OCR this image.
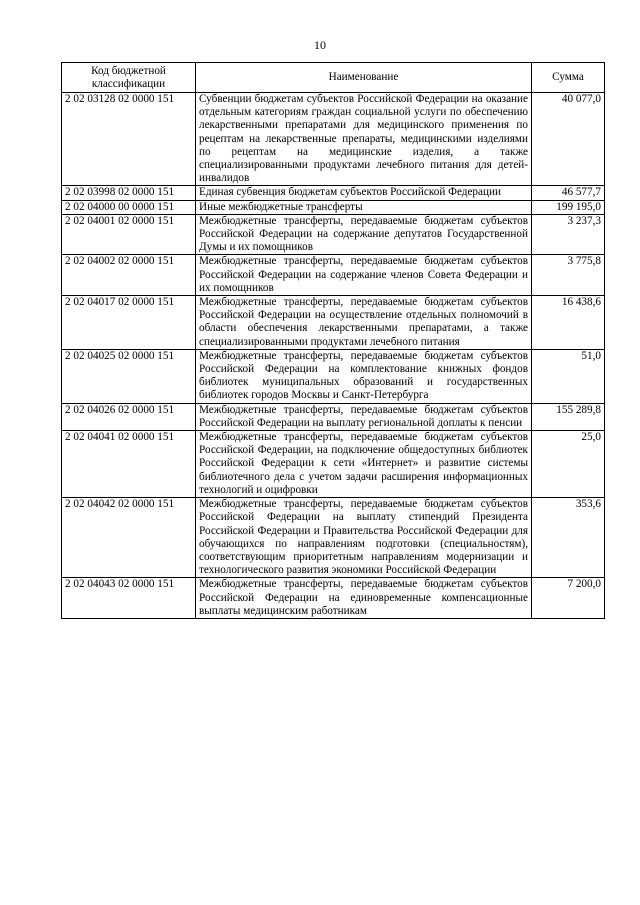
10
Код бюджетной классификации	Наименование	Сумма
2 02 03128 02 0000 151	Субвенции бюджетам субъектов Российской Федерации на оказание отдельным категориям граждан социальной услуги по обеспечению лекарственными препаратами для медицинского применения по рецептам на лекарственные препараты, медицинскими изделиями по рецептам на медицинские изделия, а также специализированными продуктами лечебного питания для детей-инвалидов	40 077,0
2 02 03998 02 0000 151	Единая субвенция бюджетам субъектов Российской Федерации	46 577,7
2 02 04000 00 0000 151	Иные межбюджетные трансферты	199 195,0
2 02 04001 02 0000 151	Межбюджетные трансферты, передаваемые бюджетам субъектов Российской Федерации на содержание депутатов Государственной Думы и их помощников	3 237,3
2 02 04002 02 0000 151	Межбюджетные трансферты, передаваемые бюджетам субъектов Российской Федерации на содержание членов Совета Федерации и их помощников	3 775,8
2 02 04017 02 0000 151	Межбюджетные трансферты, передаваемые бюджетам субъектов Российской Федерации на осуществление отдельных полномочий в области обеспечения лекарственными препаратами, а также специализированными продуктами лечебного питания	16 438,6
2 02 04025 02 0000 151	Межбюджетные трансферты, передаваемые бюджетам субъектов Российской Федерации на комплектование книжных фондов библиотек муниципальных образований и государственных библиотек городов Москвы и Санкт-Петербурга	51,0
2 02 04026 02 0000 151	Межбюджетные трансферты, передаваемые бюджетам субъектов Российской Федерации на выплату региональной доплаты к пенсии	155 289,8
2 02 04041 02 0000 151	Межбюджетные трансферты, передаваемые бюджетам субъектов Российской Федерации, на подключение общедоступных библиотек Российской Федерации к сети «Интернет» и развитие системы библиотечного дела с учетом задачи расширения информационных технологий и оцифровки	25,0
2 02 04042 02 0000 151	Межбюджетные трансферты, передаваемые бюджетам субъектов Российской Федерации на выплату стипендий Президента Российской Федерации и Правительства Российской Федерации для обучающихся по направлениям подготовки (специальностям), соответствующим приоритетным направлениям модернизации и технологического развития экономики Российской Федерации	353,6
2 02 04043 02 0000 151	Межбюджетные трансферты, передаваемые бюджетам субъектов Российской Федерации на единовременные компенсационные выплаты медицинским работникам	7 200,0
